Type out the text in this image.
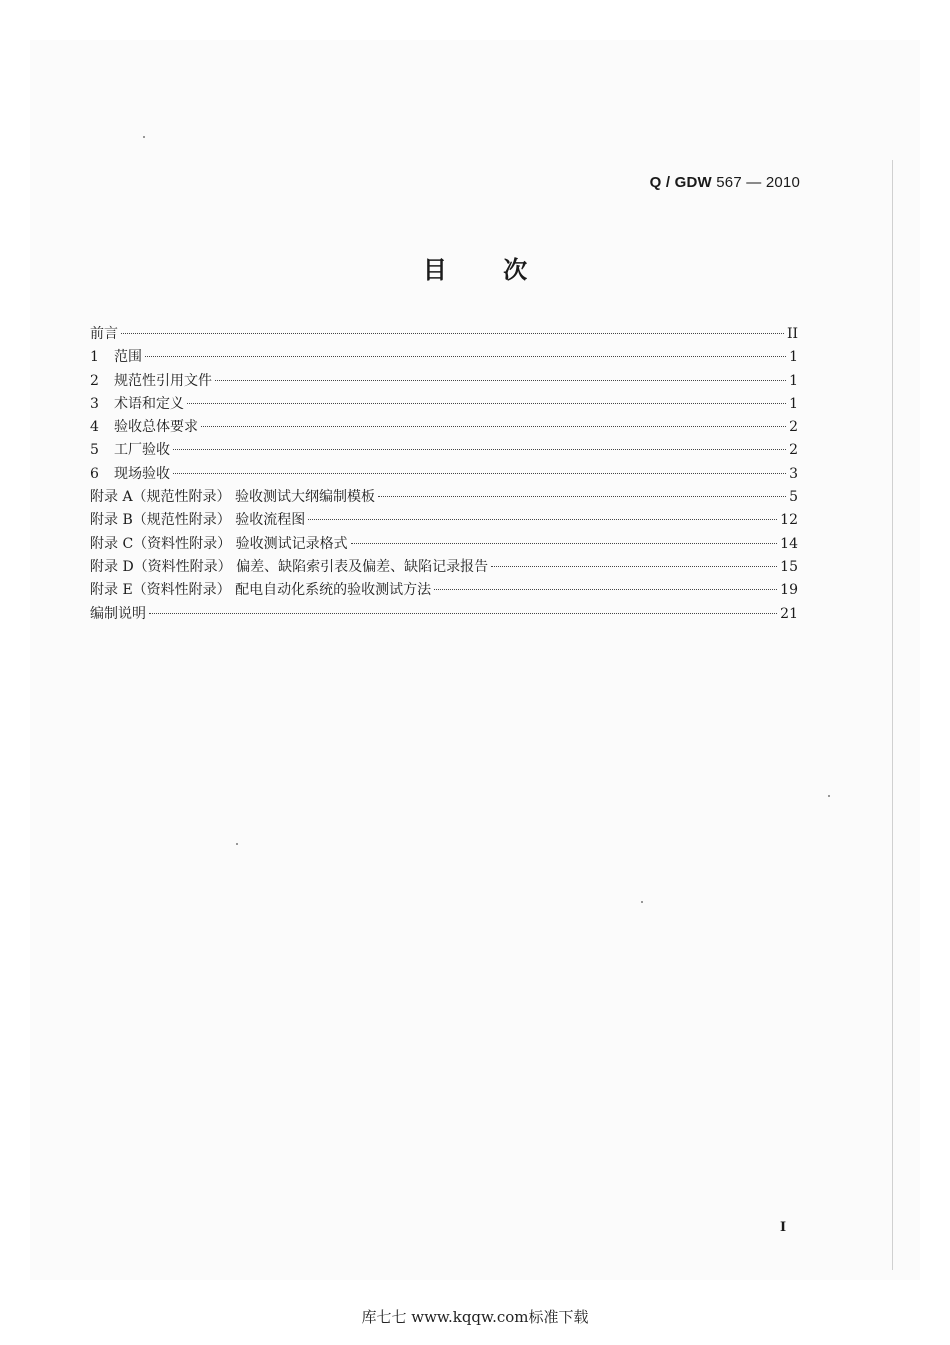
Q / GDW 567 — 2010
目 次
前言	II
1	范围	1
2	规范性引用文件	1
3	术语和定义	1
4	验收总体要求	2
5	工厂验收	2
6	现场验收	3
附录 A（规范性附录） 验收测试大纲编制模板	5
附录 B（规范性附录） 验收流程图	12
附录 C（资料性附录） 验收测试记录格式	14
附录 D（资料性附录） 偏差、缺陷索引表及偏差、缺陷记录报告	15
附录 E（资料性附录） 配电自动化系统的验收测试方法	19
编制说明	21
I
库七七 www.kqqw.com标准下载
